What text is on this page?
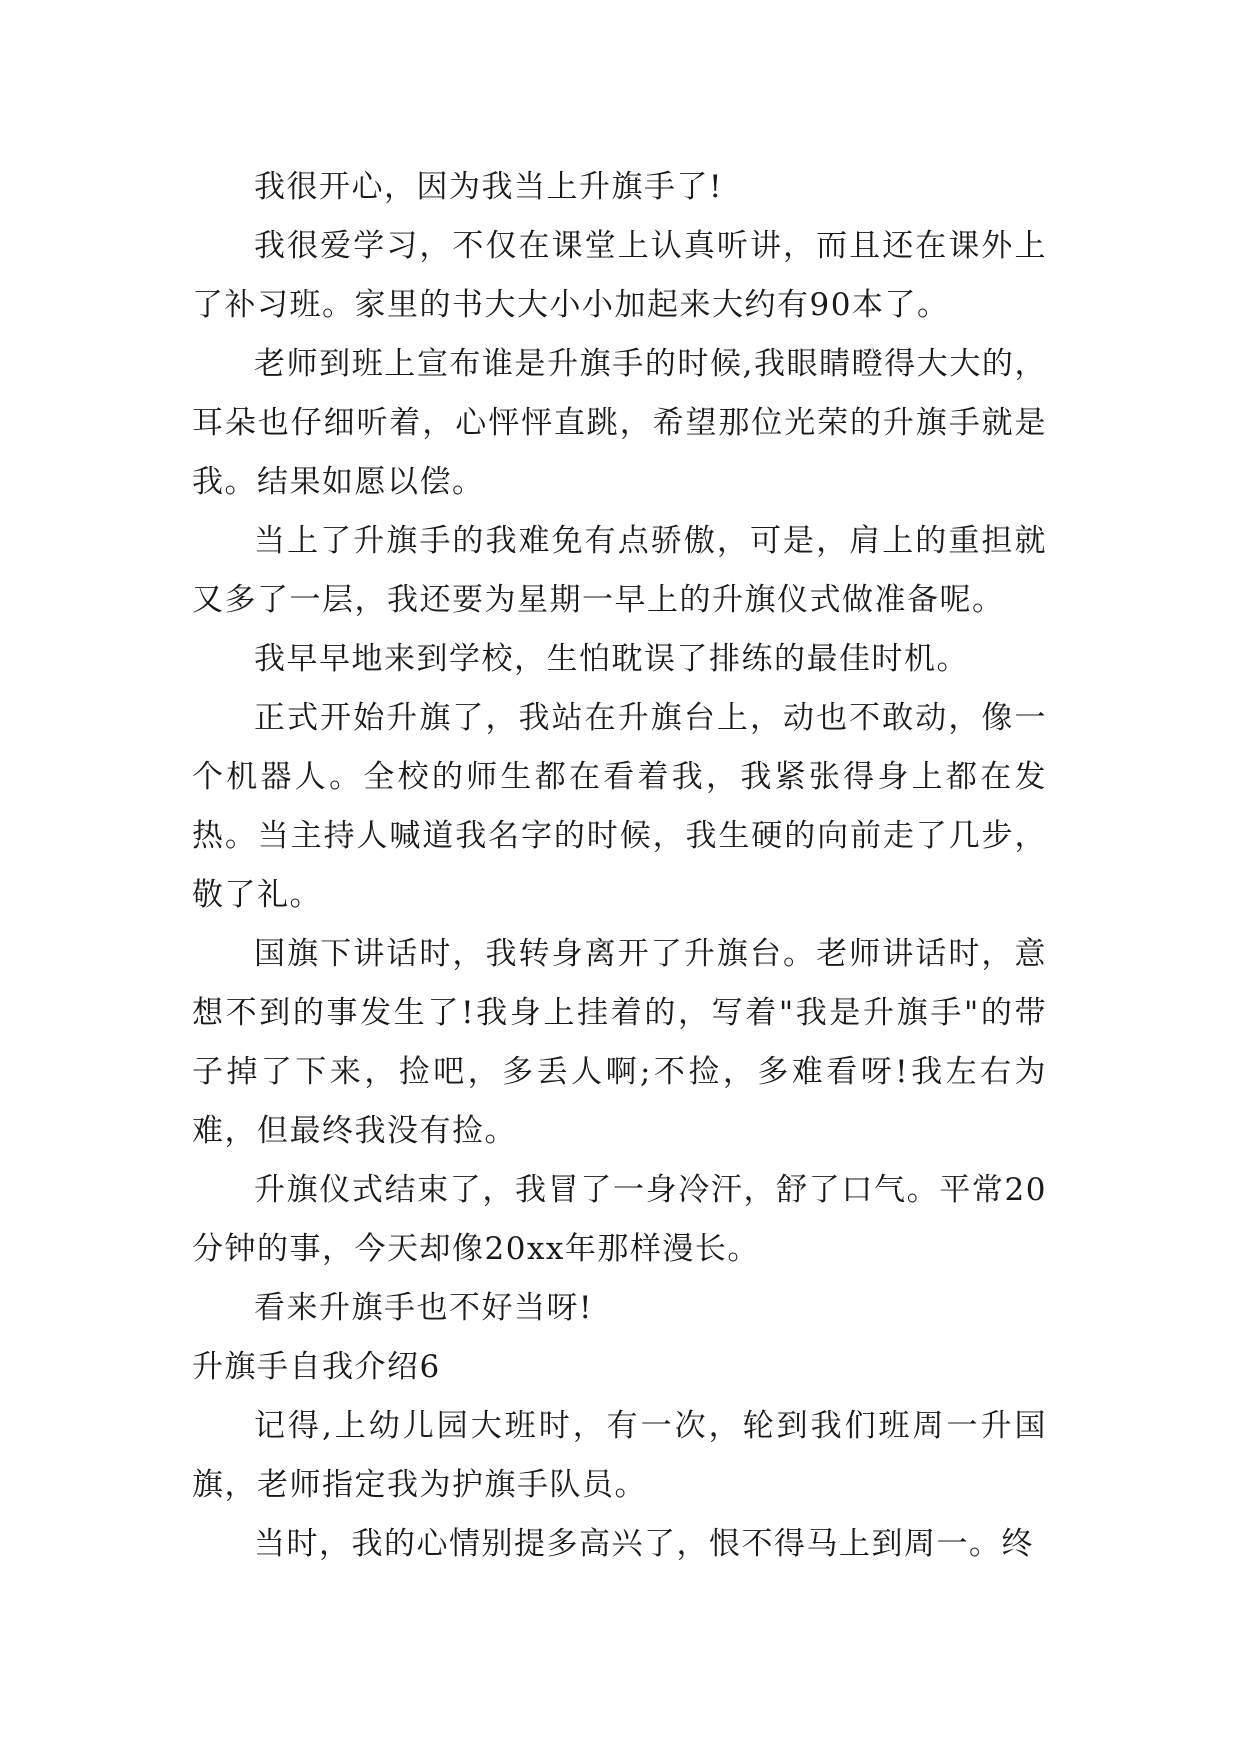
我很开心，因为我当上升旗手了!

我很爱学习，不仅在课堂上认真听讲，而且还在课外上了补习班。家里的书大大小小加起来大约有90本了。

老师到班上宣布谁是升旗手的时候,我眼睛瞪得大大的，耳朵也仔细听着，心怦怦直跳，希望那位光荣的升旗手就是我。结果如愿以偿。

当上了升旗手的我难免有点骄傲，可是，肩上的重担就又多了一层，我还要为星期一早上的升旗仪式做准备呢。

我早早地来到学校，生怕耽误了排练的最佳时机。

正式开始升旗了，我站在升旗台上，动也不敢动，像一个机器人。全校的师生都在看着我，我紧张得身上都在发热。当主持人喊道我名字的时候，我生硬的向前走了几步，敬了礼。

国旗下讲话时，我转身离开了升旗台。老师讲话时，意想不到的事发生了!我身上挂着的，写着"我是升旗手"的带子掉了下来，捡吧，多丢人啊;不捡，多难看呀!我左右为难，但最终我没有捡。

升旗仪式结束了，我冒了一身冷汗，舒了口气。平常20分钟的事，今天却像20xx年那样漫长。

看来升旗手也不好当呀!

升旗手自我介绍6

记得,上幼儿园大班时，有一次，轮到我们班周一升国旗，老师指定我为护旗手队员。

当时，我的心情别提多高兴了，恨不得马上到周一。终
